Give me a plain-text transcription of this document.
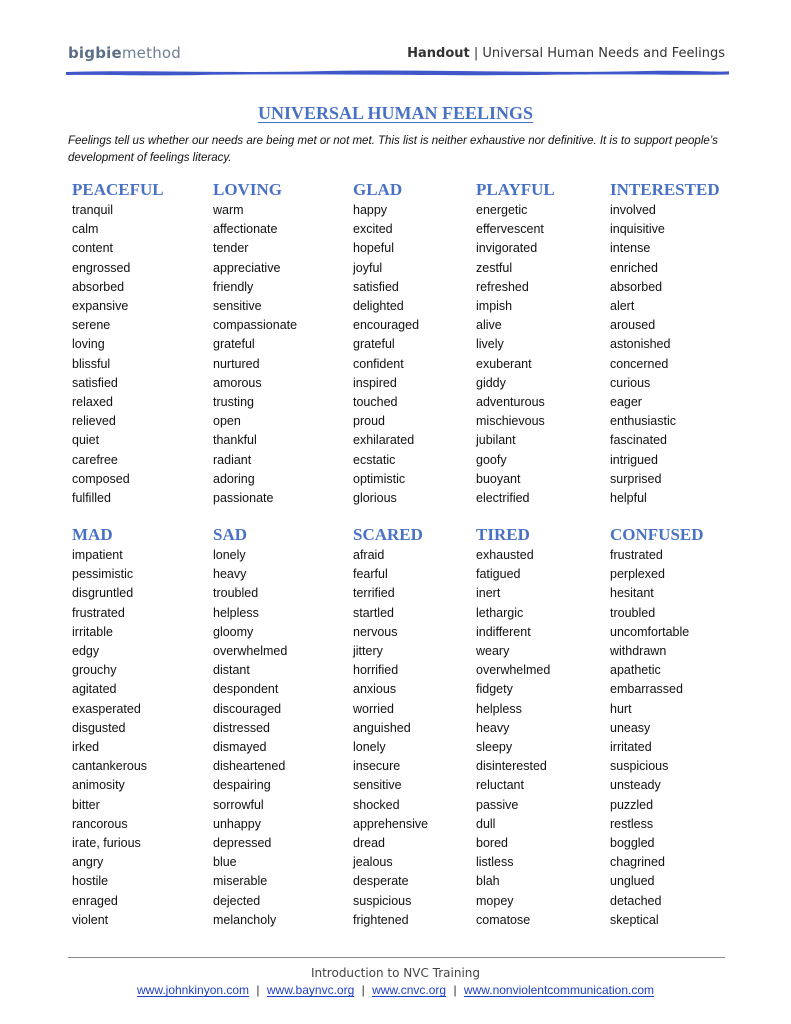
bigbiemethod	Handout | Universal Human Needs and Feelings
UNIVERSAL HUMAN FEELINGS
Feelings tell us whether our needs are being met or not met. This list is neither exhaustive nor definitive. It is to support people’s development of feelings literacy.
PEACEFUL
tranquil
calm
content
engrossed
absorbed
expansive
serene
loving
blissful
satisfied
relaxed
relieved
quiet
carefree
composed
fulfilled
MAD
impatient
pessimistic
disgruntled
frustrated
irritable
edgy
grouchy
agitated
exasperated
disgusted
irked
cantankerous
animosity
bitter
rancorous
irate, furious
angry
hostile
enraged
violent
LOVING
warm
affectionate
tender
appreciative
friendly
sensitive
compassionate
grateful
nurtured
amorous
trusting
open
thankful
radiant
adoring
passionate
SAD
lonely
heavy
troubled
helpless
gloomy
overwhelmed
distant
despondent
discouraged
distressed
dismayed
disheartened
despairing
sorrowful
unhappy
depressed
blue
miserable
dejected
melancholy
GLAD
happy
excited
hopeful
joyful
satisfied
delighted
encouraged
grateful
confident
inspired
touched
proud
exhilarated
ecstatic
optimistic
glorious
SCARED
afraid
fearful
terrified
startled
nervous
jittery
horrified
anxious
worried
anguished
lonely
insecure
sensitive
shocked
apprehensive
dread
jealous
desperate
suspicious
frightened
PLAYFUL
energetic
effervescent
invigorated
zestful
refreshed
impish
alive
lively
exuberant
giddy
adventurous
mischievous
jubilant
goofy
buoyant
electrified
TIRED
exhausted
fatigued
inert
lethargic
indifferent
weary
overwhelmed
fidgety
helpless
heavy
sleepy
disinterested
reluctant
passive
dull
bored
listless
blah
mopey
comatose
INTERESTED
involved
inquisitive
intense
enriched
absorbed
alert
aroused
astonished
concerned
curious
eager
enthusiastic
fascinated
intrigued
surprised
helpful
CONFUSED
frustrated
perplexed
hesitant
troubled
uncomfortable
withdrawn
apathetic
embarrassed
hurt
uneasy
irritated
suspicious
unsteady
puzzled
restless
boggled
chagrined
unglued
detached
skeptical
Introduction to NVC Training
www.johnkinyon.com | www.baynvc.org | www.cnvc.org | www.nonviolentcommunication.com
